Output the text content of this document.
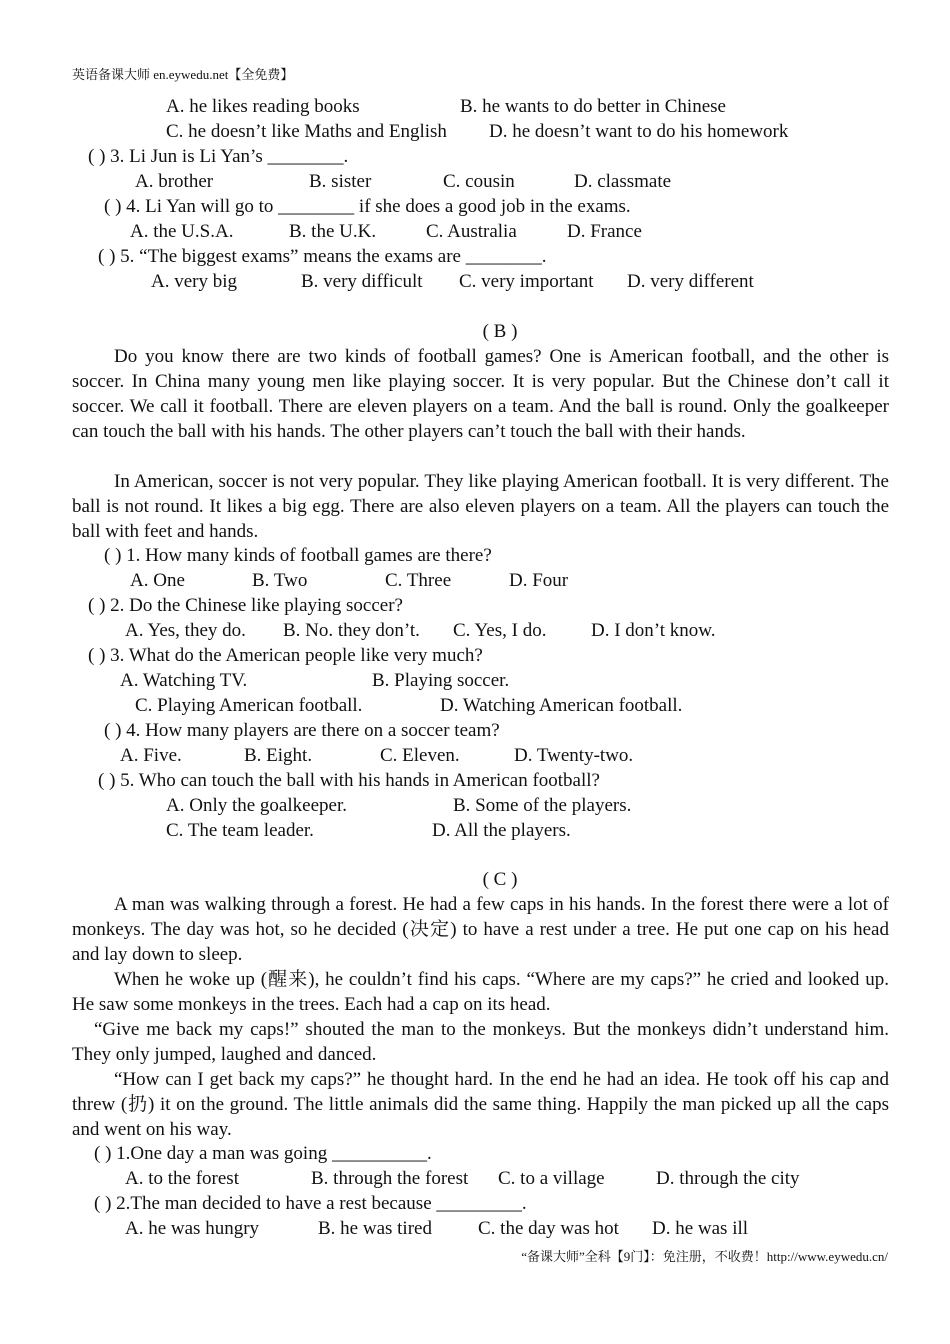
英语备课大师 en.eywedu.net【全免费】
A. he likes reading books	B. he wants to do better in Chinese
C. he doesn’t like Maths and English D. he doesn’t want to do his homework
( ) 3. Li Jun is Li Yan’s ________.
A. brother	B. sister	C. cousin	D. classmate
( ) 4. Li Yan will go to ________ if she does a good job in the exams.
A. the U.S.A.	B. the U.K.	C. Australia	D. France
( ) 5. “The biggest exams” means the exams are ________.
A. very big	B. very difficult C. very important D. very different
( B )
Do you know there are two kinds of football games? One is American football, and the other is soccer. In China many young men like playing soccer. It is very popular. But the Chinese don’t call it soccer. We call it football. There are eleven players on a team. And the ball is round. Only the goalkeeper can touch the ball with his hands. The other players can’t touch the ball with their hands.
In American, soccer is not very popular. They like playing American football. It is very different. The ball is not round. It likes a big egg. There are also eleven players on a team. All the players can touch the ball with feet and hands.
( ) 1. How many kinds of football games are there?
A. One	B. Two	C. Three	D. Four
( ) 2. Do the Chinese like playing soccer?
A. Yes, they do. B. No. they don’t. C. Yes, I do. D. I don’t know.
( ) 3. What do the American people like very much?
A. Watching TV.	B. Playing soccer.
C. Playing American football.	D. Watching American football.
( ) 4. How many players are there on a soccer team?
A. Five.	B. Eight.	C. Eleven.	D. Twenty-two.
( ) 5. Who can touch the ball with his hands in American football?
A. Only the goalkeeper.	B. Some of the players.
C. The team leader.	D. All the players.
( C )
A man was walking through a forest. He had a few caps in his hands. In the forest there were a lot of monkeys. The day was hot, so he decided (决定) to have a rest under a tree. He put one cap on his head and lay down to sleep.
When he woke up (醒来), he couldn’t find his caps. “Where are my caps?” he cried and looked up. He saw some monkeys in the trees. Each had a cap on its head.
“Give me back my caps!” shouted the man to the monkeys. But the monkeys didn’t understand him. They only jumped, laughed and danced.
“How can I get back my caps?” he thought hard. In the end he had an idea. He took off his cap and threw (扔) it on the ground. The little animals did the same thing. Happily the man picked up all the caps and went on his way.
( ) 1.One day a man was going __________.
A. to the forest	B. through the forest C. to a village	D. through the city
( ) 2.The man decided to have a rest because _________.
A. he was hungry	B. he was tired C. the day was hot D. he was ill
“备课大师”全科【9门】：免注册，不收费！http://www.eywedu.cn/
